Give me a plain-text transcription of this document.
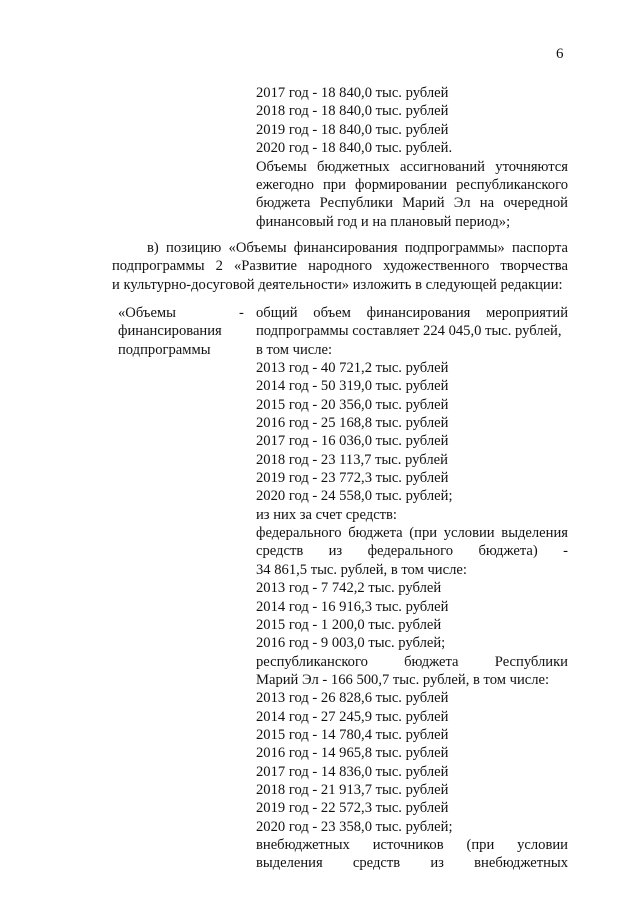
6
2017 год - 18 840,0 тыс. рублей
2018 год - 18 840,0 тыс. рублей
2019 год - 18 840,0 тыс. рублей
2020 год - 18 840,0 тыс. рублей.
Объемы бюджетных ассигнований уточняются
ежегодно при формировании республиканского
бюджета Республики Марий Эл на очередной
финансовый год и на плановый период»;
в) позицию «Объемы финансирования подпрограммы» паспорта
подпрограммы 2 «Развитие народного художественного творчества
и культурно-досуговой деятельности» изложить в следующей редакции:
«Объемы
финансирования
подпрограммы
- общий объем финансирования мероприятий
подпрограммы составляет 224 045,0 тыс. рублей,
в том числе:
2013 год - 40 721,2 тыс. рублей
2014 год - 50 319,0 тыс. рублей
2015 год - 20 356,0 тыс. рублей
2016 год - 25 168,8 тыс. рублей
2017 год - 16 036,0 тыс. рублей
2018 год - 23 113,7 тыс. рублей
2019 год - 23 772,3 тыс. рублей
2020 год - 24 558,0 тыс. рублей;
из них за счет средств:
федерального бюджета (при условии выделения
средств из федерального бюджета) -
34 861,5 тыс. рублей, в том числе:
2013 год - 7 742,2 тыс. рублей
2014 год - 16 916,3 тыс. рублей
2015 год - 1 200,0 тыс. рублей
2016 год - 9 003,0 тыс. рублей;
республиканского бюджета Республики
Марий Эл - 166 500,7 тыс. рублей, в том числе:
2013 год - 26 828,6 тыс. рублей
2014 год - 27 245,9 тыс. рублей
2015 год - 14 780,4 тыс. рублей
2016 год - 14 965,8 тыс. рублей
2017 год - 14 836,0 тыс. рублей
2018 год - 21 913,7 тыс. рублей
2019 год - 22 572,3 тыс. рублей
2020 год - 23 358,0 тыс. рублей;
внебюджетных источников (при условии
выделения средств из внебюджетных
